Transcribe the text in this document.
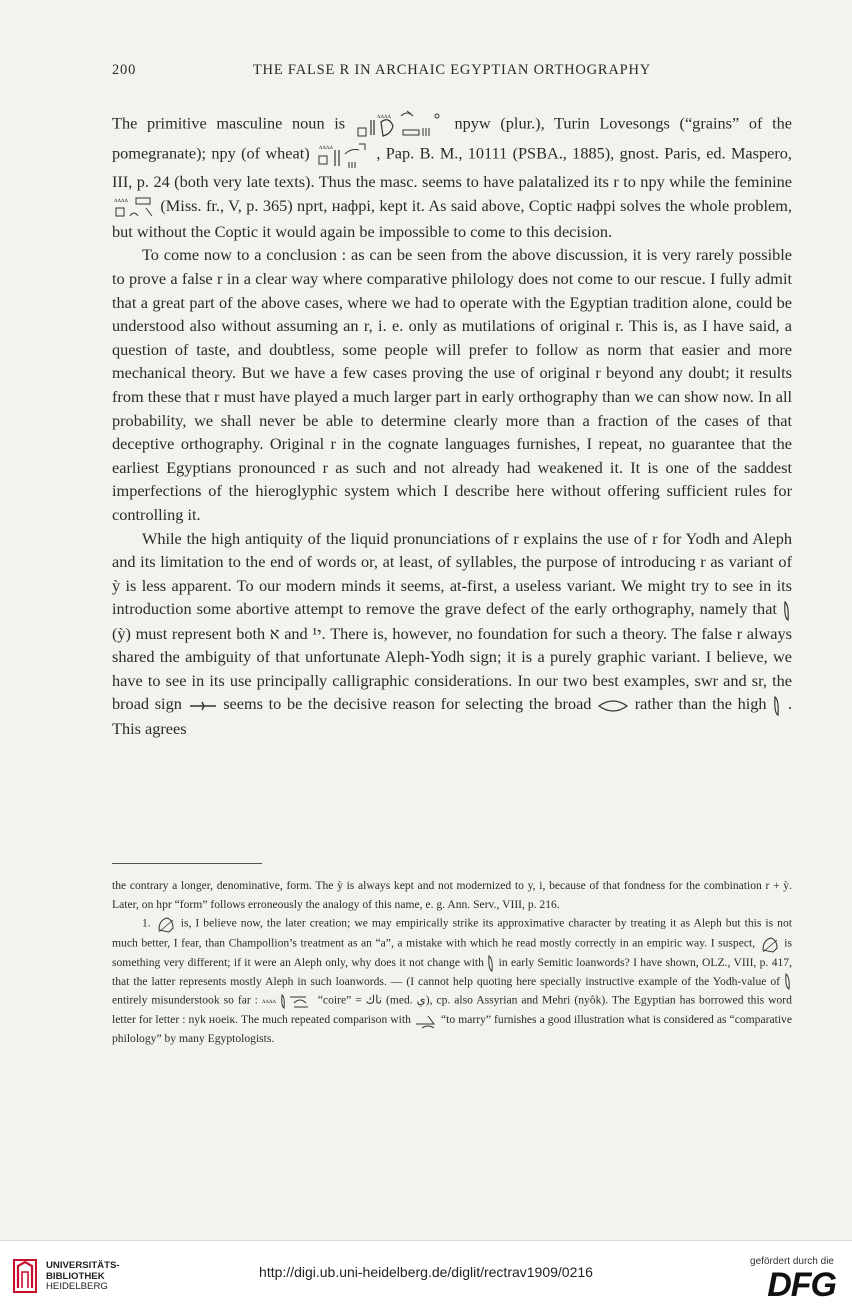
200	THE FALSE R IN ARCHAIC EGYPTIAN ORTHOGRAPHY

The primitive masculine noun is	ᴧᴧᴧᴧ	npyw (plur.), Turin Lovesongs (“grains” of the pomegranate); npy (of wheat) ᴧᴧᴧᴧ	, Pap. B. M., 10111 (PSBA., 1885), gnost. Paris, ed. Maspero, III, p. 24 (both very late texts). Thus the masc. seems to have palatalized its r to npy while the feminine
ᴧᴧᴧᴧ (Miss. fr., V, p. 365) nprt, нафрі, kept it. As said above, Coptic нафрі solves the whole problem, but without the Coptic it would again be impossible to come to this decision.

To come now to a conclusion : as can be seen from the above discussion, it is very rarely possible to prove a false r in a clear way where comparative philology does not come to our rescue. I fully admit that a great part of the above cases, where we had to operate with the Egyptian tradition alone, could be understood also without assuming an r, i. e. only as mutilations of original r. This is, as I have said, a question of taste, and doubtless, some people will prefer to follow as norm that easier and more mechanical theory. But we have a few cases proving the use of original r beyond any doubt; it results from these that r must have played a much larger part in early orthography than we can show now. In all probability, we shall never be able to determine clearly more than a fraction of the cases of that deceptive orthography. Original r in the cognate languages furnishes, I repeat, no guarantee that the earliest Egyptians pronounced r as such and not already had weakened it. It is one of the saddest imperfections of the hieroglyphic system which I describe here without offering sufficient rules for controlling it.

While the high antiquity of the liquid pronunciations of r explains the use of r for Yodh and Aleph and its limitation to the end of words or, at least, of syllables, the purpose of introducing r as variant of ỳ is less apparent. To our modern minds it seems, at-first, a useless variant. We might try to see in its introduction some abortive attempt to remove the grave defect of the early orthography, namely that  (ỳ) must represent both א and י¹. There is, however, no foundation for such a theory. The false r always shared the ambiguity of that unfortunate Aleph-Yodh sign; it is a purely graphic variant. I believe, we have to see in its use principally calligraphic considerations. In our two best examples, swr and sr, the broad sign	seems to be the decisive reason for selecting the broad	rather than the high . This agrees

the contrary a longer, denominative, form. The ỳ is always kept and not modernized to y, i, because of that fondness for the combination r + ỳ. Later, on hpr “form” follows erroneously the analogy of this name, e. g. Ann. Serv., VIII, p. 216.

1.	is, I believe now, the later creation; we may empirically strike its approximative character by treating it as Aleph but this is not much better, I fear, than Champollion’s treatment as an “a”, a mistake with which he read mostly correctly in an empiric way. I suspect,	is something very different; if it were an Aleph only, why does it not change with in early Semitic loanwords? I have shown, OLZ., VIII, p. 417, that the latter represents mostly Aleph in such loanwords. — (I cannot help quoting here specially instructive example of the Yodh-value of  entirely misunderstook so far : ᴧᴧᴧᴧ	“coire” = ناك (med. ي), cp. also Assyrian and Mehri (nyôk). The Egyptian has borrowed this word letter for letter : nyk ноеік. The much repeated comparison with	“to marry” furnishes a good illustration what is considered as “comparative philology” by many Egyptologists.

UNIVERSITÄTS-
BIBLIOTHEK
HEIDELBERG
http://digi.ub.uni-heidelberg.de/diglit/rectrav1909/0216
gefördert durch die
DFG
